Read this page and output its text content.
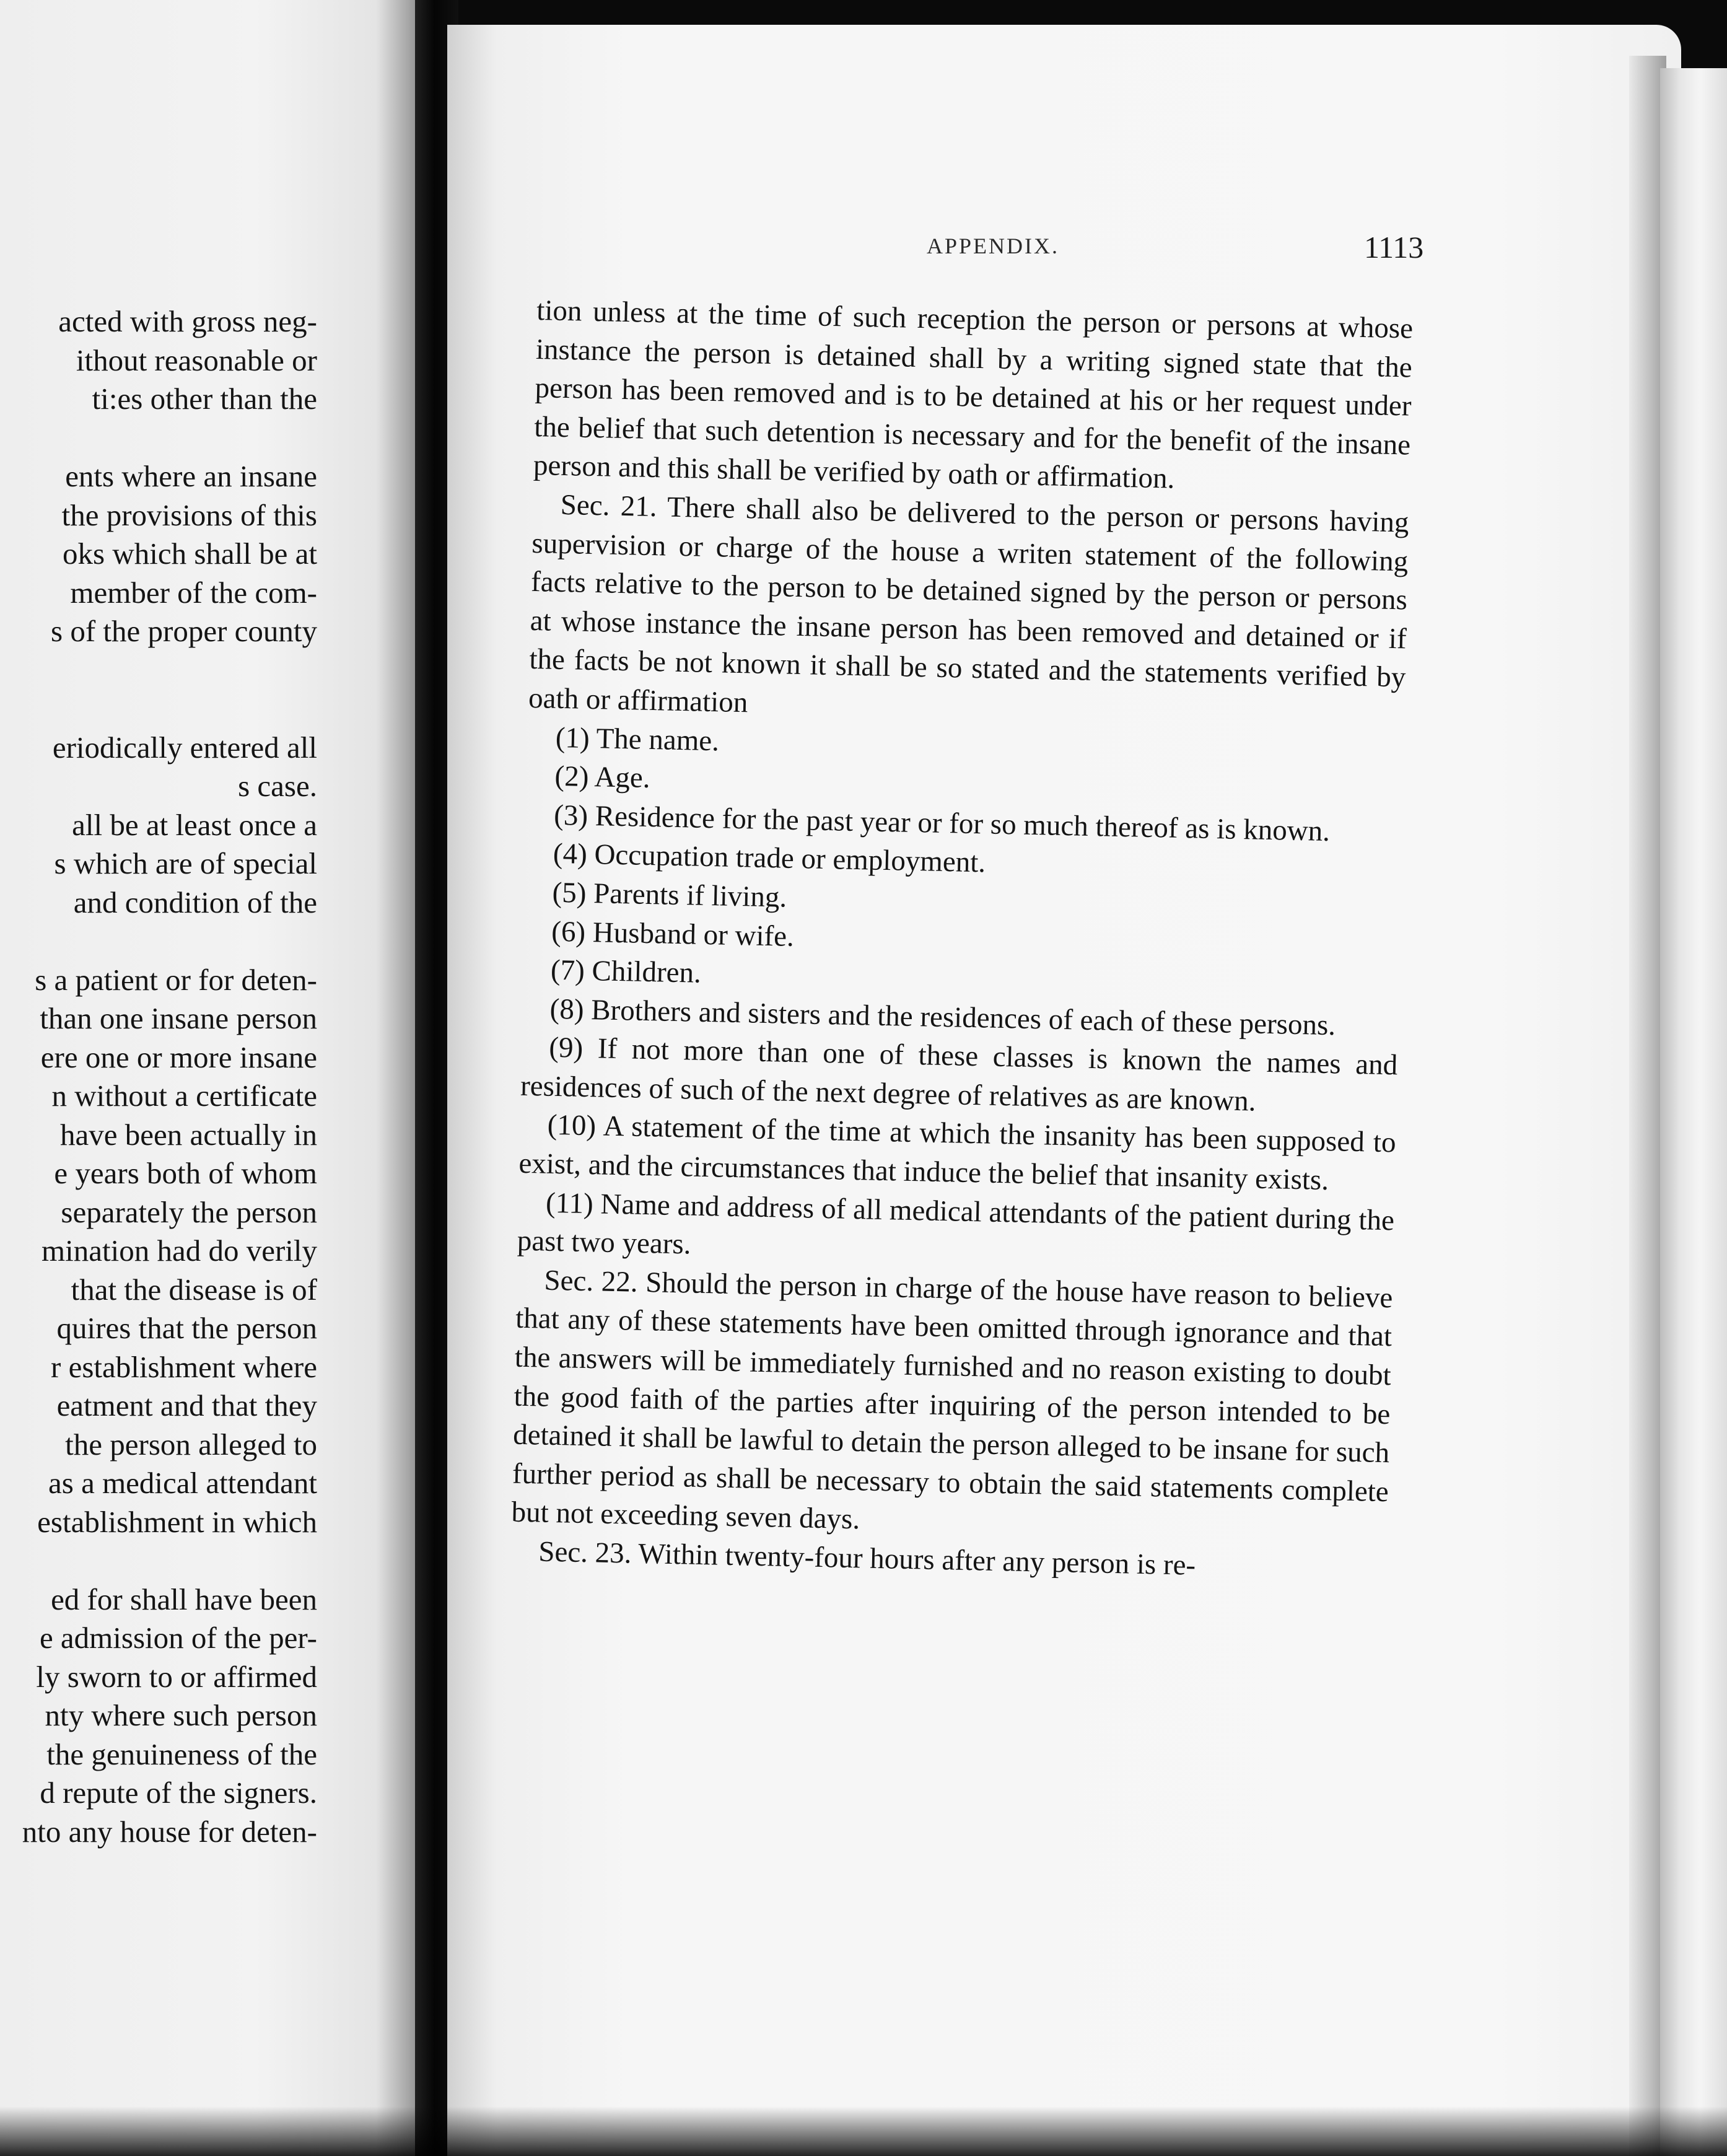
acted with gross neg-
ithout reasonable or
ti:es other than the
ents where an insane
the provisions of this
oks which shall be at
member of the com-
s of the proper county
eriodically entered all
s case.
all be at least once a
s which are of special
and condition of the
s a patient or for deten-
than one insane person
ere one or more insane
n without a certificate
have been actually in
e years both of whom
separately the person
mination had do verily
that the disease is of
quires that the person
r establishment where
eatment and that they
the person alleged to
as a medical attendant
establishment in which
ed for shall have been
e admission of the per-
ly sworn to or affirmed
nty where such person
the genuineness of the
d repute of the signers.
nto any house for deten-
APPENDIX.	1113

tion unless at the time of such reception the person or persons at whose instance the person is detained shall by a writing signed state that the person has been removed and is to be detained at his or her request under the belief that such detention is necessary and for the benefit of the insane person and this shall be verified by oath or affirmation.

Sec. 21. There shall also be delivered to the person or persons having supervision or charge of the house a writen statement of the following facts relative to the person to be detained signed by the person or persons at whose instance the insane person has been removed and detained or if the facts be not known it shall be so stated and the statements verified by oath or affirmation

(1) The name.

(2) Age.

(3) Residence for the past year or for so much thereof as is known.

(4) Occupation trade or employment.

(5) Parents if living.

(6) Husband or wife.

(7) Children.

(8) Brothers and sisters and the residences of each of these persons.

(9) If not more than one of these classes is known the names and residences of such of the next degree of relatives as are known.

(10) A statement of the time at which the insanity has been supposed to exist, and the circumstances that induce the belief that insanity exists.

(11) Name and address of all medical attendants of the patient during the past two years.

Sec. 22. Should the person in charge of the house have reason to believe that any of these statements have been omitted through ignorance and that the answers will be immediately furnished and no reason existing to doubt the good faith of the parties after inquiring of the person intended to be detained it shall be lawful to detain the person alleged to be insane for such further period as shall be necessary to obtain the said statements complete but not exceeding seven days.

Sec. 23. Within twenty-four hours after any person is re-
